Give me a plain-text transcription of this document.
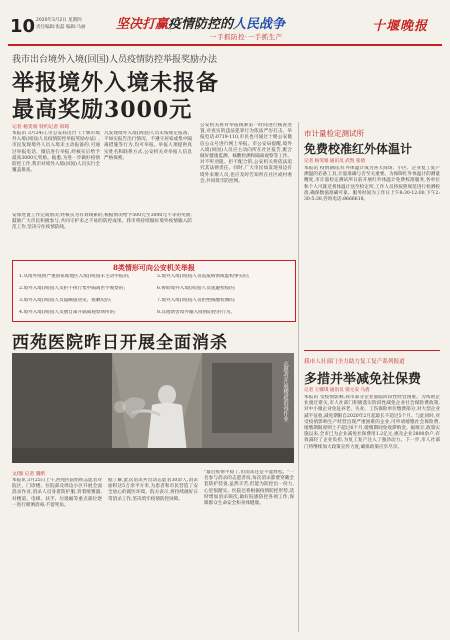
10 2020年3月2日 星期四
责任编辑:张磊 编辑:马丽 坚决打赢疫情防控的人民战争
一手抓防控·一手抓生产
十堰晚报
我市出台境外入境(回国)人员疫情防控举报奖励办法
举报境外入境未报备
最高奖励3000元
记者 杨雯娟 特约记者 韩筠
本报讯 3月24日,市公安局出台《十堰市境外入境(回国)人员疫情防控举报奖励办法》,市民发现境外人员入境未主动报备的,可通过举报电话、微信进行举报,经核实后给予最高3000元奖励。据悉,为进一步做好疫情防控工作,我市对境外入境(回国)人员实行全覆盖排查。
凡发现境外入境(回国)人员未按规定报备、不如实报告出行情况、不遵守居家或集中隔离措施等行为,均可举报。举报人须提供真实姓名和联系方式,公安机关对举报人信息严格保密。
安保处置工作完成情况,经核实为有效线索的,根据情况给予500元至3000元不等的奖励,鼓励广大市民积极参与,共同守护来之不易的防控成果。我市将持续做好境外疫情输入防范工作,坚决守住疫情防线。
公安机关将对举报线索第一时间进行核查处置,对查实的违法犯罪行为依法严厉打击。举报电话:0719-110,市民也可通过十堰公安微信公众号进行网上举报。市公安局提醒,境外入境(回国)人员应主动向所在社区报告,配合做好健康监测、核酸检测和隔离观察等工作。对不听劝阻、拒不配合的,公安机关将依法追究其法律责任。同时,广大市民如发现身边有境外来堰人员,也应及时告知所在社区或村委会,共同筑牢防控网。
8类情形可向公安机关举报
1.从境外疫情严重国家或地区入境(回国)未主动申报的;
2.境外入境(回国)人员拒不执行集中隔离医学观察的;
3.境外入境(回国)人员隐瞒旅居史、接触史的;
4.境外入境(回国)人员擅自离开隔离观察场所的;
5.境外入境(回国)人员谎报病情或虚构事实的;
6.协助境外入境(回国)人员逃避检疫的;
7.境外入境(回国)人员拒绝核酸检测的;
8.其他妨害境外输入疫情防控的行为。
市计量检定测试所
免费校准红外体温计
记者 杨雯娟 通讯员 武凯 张倩
本报讯 疫情期间,红外体温计成为各大商场、小区、企业复工复产测温的必备工具,计量准确与否至关重要。为保障红外体温计的测量精度,市计量检定测试所日前开展红外体温计免费校准服务,各单位和个人可就近将体温计送至检定所,工作人员将按照规范进行检测校准,确保数值准确可靠。服务时间为工作日上午8:30-12:00,下午2:30-5:30,咨询电话:8666618。
我市人社部门全力助力复工复产系列报道
多措并举减免社保费
记者 王娜琪 通讯员 梁元安 马倩
本报讯 受疫情影响,我市部分企业面临阶段性经营困难。为帮助企业渡过难关,市人社部门积极落实阶段性减免企业社会保险费政策,对中小微企业免征养老、失业、工伤保险单位缴费部分,对大型企业减半征收,减免期限自2020年2月起最长不超过5个月。与此同时,对受疫情影响生产经营出现严重困难的企业,可申请缓缴社会保险费,缓缴期限原则上不超过6个月,缓缴期间免收滞纳金。据统计,政策实施以来,全市已为企业减免社保费用1.2亿元,惠及企业3800余户,有效减轻了企业负担,为复工复产注入了强劲动力。下一步,市人社部门将继续加大政策宣传力度,确保政策应享尽享。
西苑医院昨日开展全面消杀
志愿者开展楼道消毒作业
文/图 记者 魏昕
本报讯 3月25日上午,西苑医院组织志愿者对院区、门诊楼、住院部及周边小区开展全面消杀作业,消杀人员身着防护服,背着喷雾器,对楼道、电梯、扶手、垃圾桶等重点部位逐一进行喷洒消毒,不留死角。
据了解,此次消杀共出动志愿者30余人,消杀面积达5万余平方米,为患者和市民营造了安全放心的就医环境。院方表示,将持续做好日常消杀工作,坚决筑牢疫情防控屏障。
"最近疫情平稳了,但消杀还是不能放松。"一名参与消杀的志愿者说,每次消杀都要穿戴全套防护装备,虽然辛苦,但能为防控出一份力,心里很踏实。医院还将根据疫情防控形势,适时增加消杀频次,做好院感防控各项工作,保障群众生命安全和身体健康。
